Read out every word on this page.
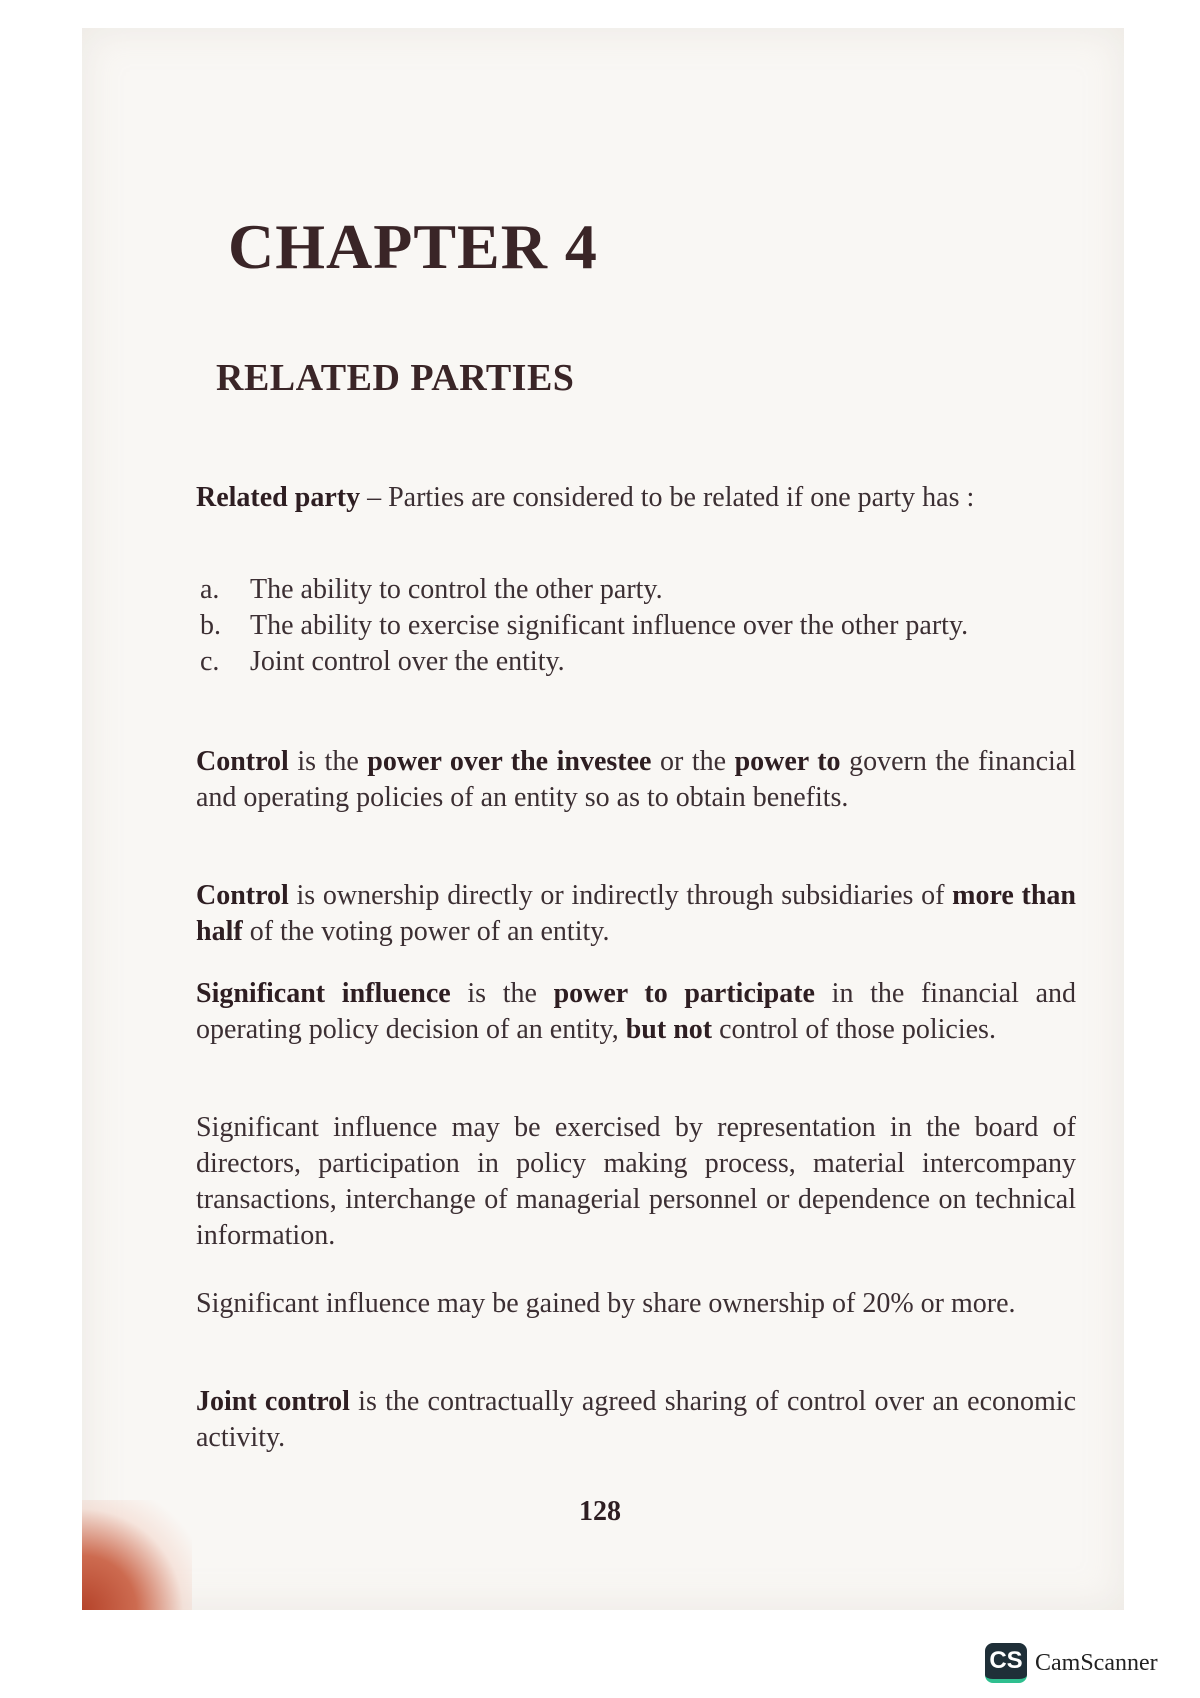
CHAPTER 4
RELATED PARTIES

Related party – Parties are considered to be related if one party has :

a.	The ability to control the other party.
b.	The ability to exercise significant influence over the other party.
c.	Joint control over the entity.

Control is the power over the investee or the power to govern the financial and operating policies of an entity so as to obtain benefits.

Control is ownership directly or indirectly through subsidiaries of more than half of the voting power of an entity.

Significant influence is the power to participate in the financial and operating policy decision of an entity, but not control of those policies.

Significant influence may be exercised by representation in the board of directors, participation in policy making process, material intercompany transactions, interchange of managerial personnel or dependence on technical information.

Significant influence may be gained by share ownership of 20% or more.

Joint control is the contractually agreed sharing of control over an economic activity.

128
CS CamScanner
